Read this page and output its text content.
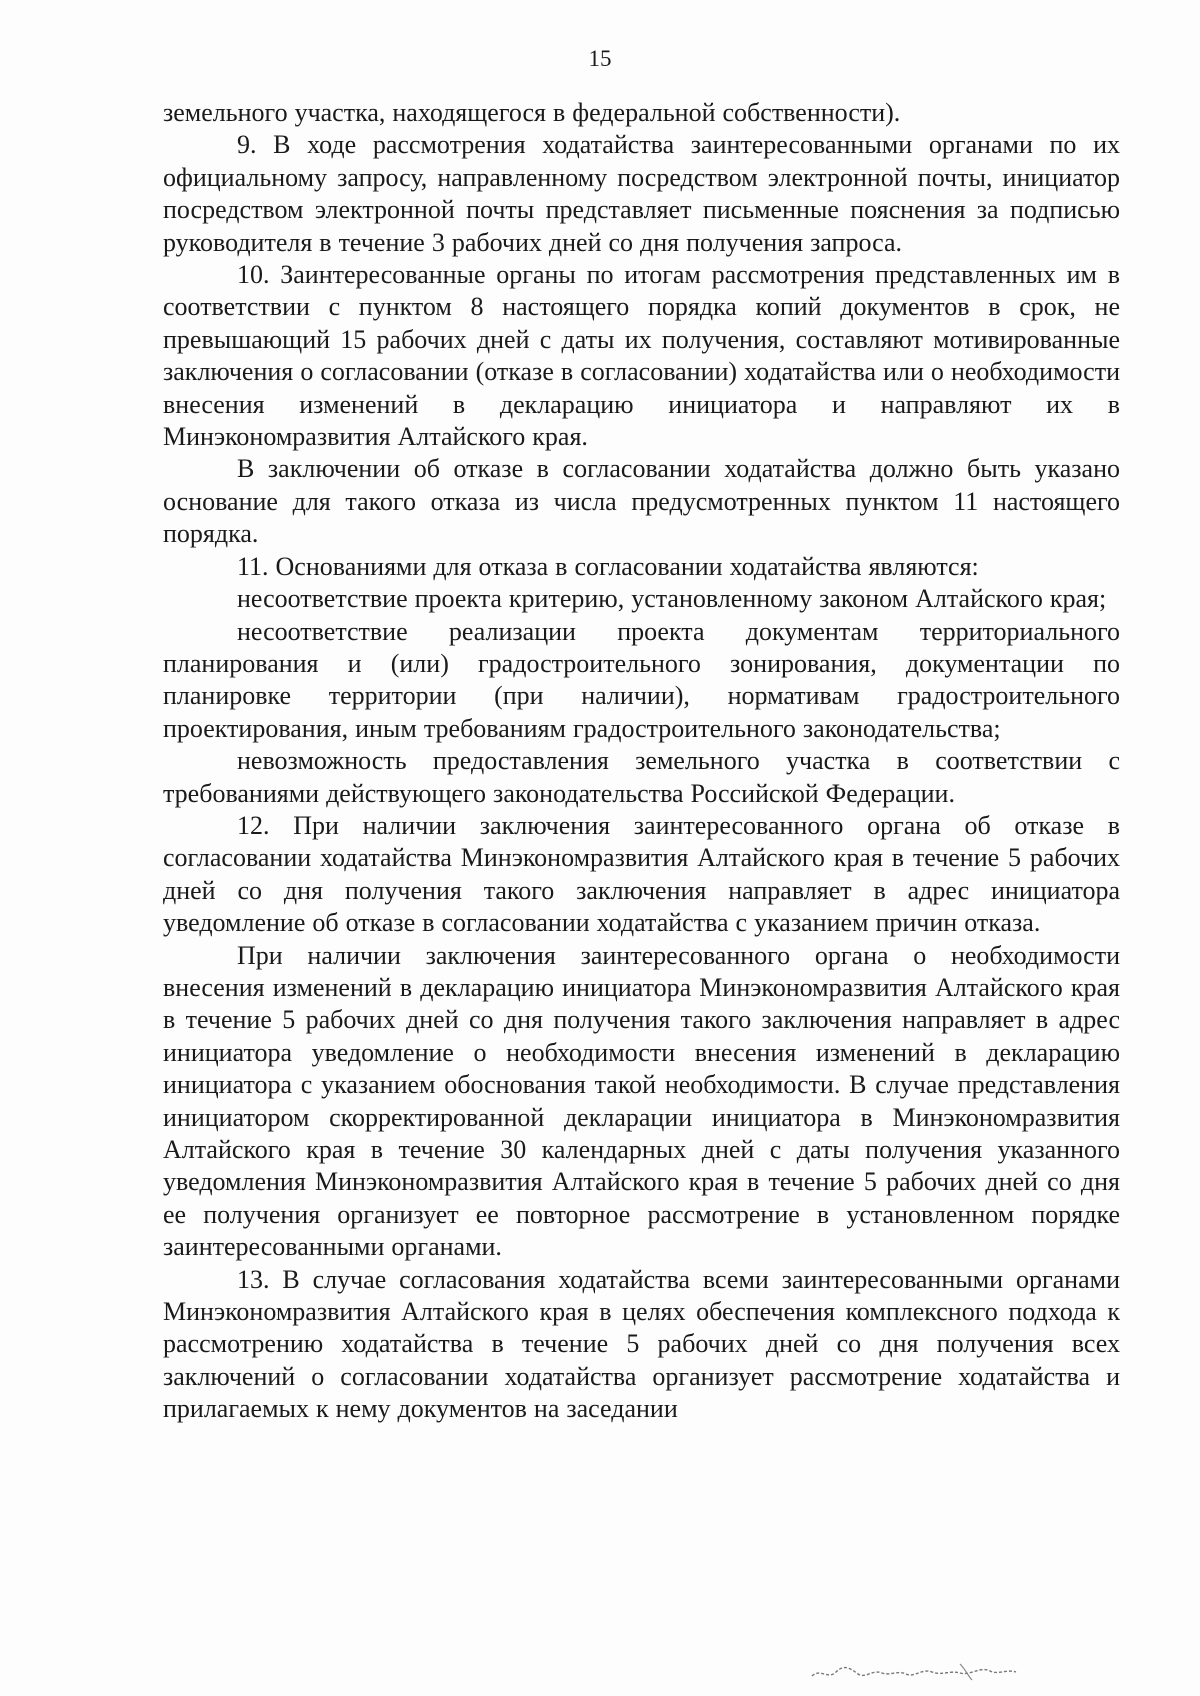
15

земельного участка, находящегося в федеральной собственности).

9. В ходе рассмотрения ходатайства заинтересованными органами по их официальному запросу, направленному посредством электронной почты, инициатор посредством электронной почты представляет письменные пояснения за подписью руководителя в течение 3 рабочих дней со дня получения запроса.

10. Заинтересованные органы по итогам рассмотрения представленных им в соответствии с пунктом 8 настоящего порядка копий документов в срок, не превышающий 15 рабочих дней с даты их получения, составляют мотивированные заключения о согласовании (отказе в согласовании) ходатайства или о необходимости внесения изменений в декларацию инициатора и направляют их в Минэкономразвития Алтайского края.

В заключении об отказе в согласовании ходатайства должно быть указано основание для такого отказа из числа предусмотренных пунктом 11 настоящего порядка.

11. Основаниями для отказа в согласовании ходатайства являются:

несоответствие проекта критерию, установленному законом Алтайского края;

несоответствие реализации проекта документам территориального планирования и (или) градостроительного зонирования, документации по планировке территории (при наличии), нормативам градостроительного проектирования, иным требованиям градостроительного законодательства;

невозможность предоставления земельного участка в соответствии с требованиями действующего законодательства Российской Федерации.

12. При наличии заключения заинтересованного органа об отказе в согласовании ходатайства Минэкономразвития Алтайского края в течение 5 рабочих дней со дня получения такого заключения направляет в адрес инициатора уведомление об отказе в согласовании ходатайства с указанием причин отказа.

При наличии заключения заинтересованного органа о необходимости внесения изменений в декларацию инициатора Минэкономразвития Алтайского края в течение 5 рабочих дней со дня получения такого заключения направляет в адрес инициатора уведомление о необходимости внесения изменений в декларацию инициатора с указанием обоснования такой необходимости. В случае представления инициатором скорректированной декларации инициатора в Минэкономразвития Алтайского края в течение 30 календарных дней с даты получения указанного уведомления Минэкономразвития Алтайского края в течение 5 рабочих дней со дня ее получения организует ее повторное рассмотрение в установленном порядке заинтересованными органами.

13. В случае согласования ходатайства всеми заинтересованными органами Минэкономразвития Алтайского края в целях обеспечения комплексного подхода к рассмотрению ходатайства в течение 5 рабочих дней со дня получения всех заключений о согласовании ходатайства организует рассмотрение ходатайства и прилагаемых к нему документов на заседании
